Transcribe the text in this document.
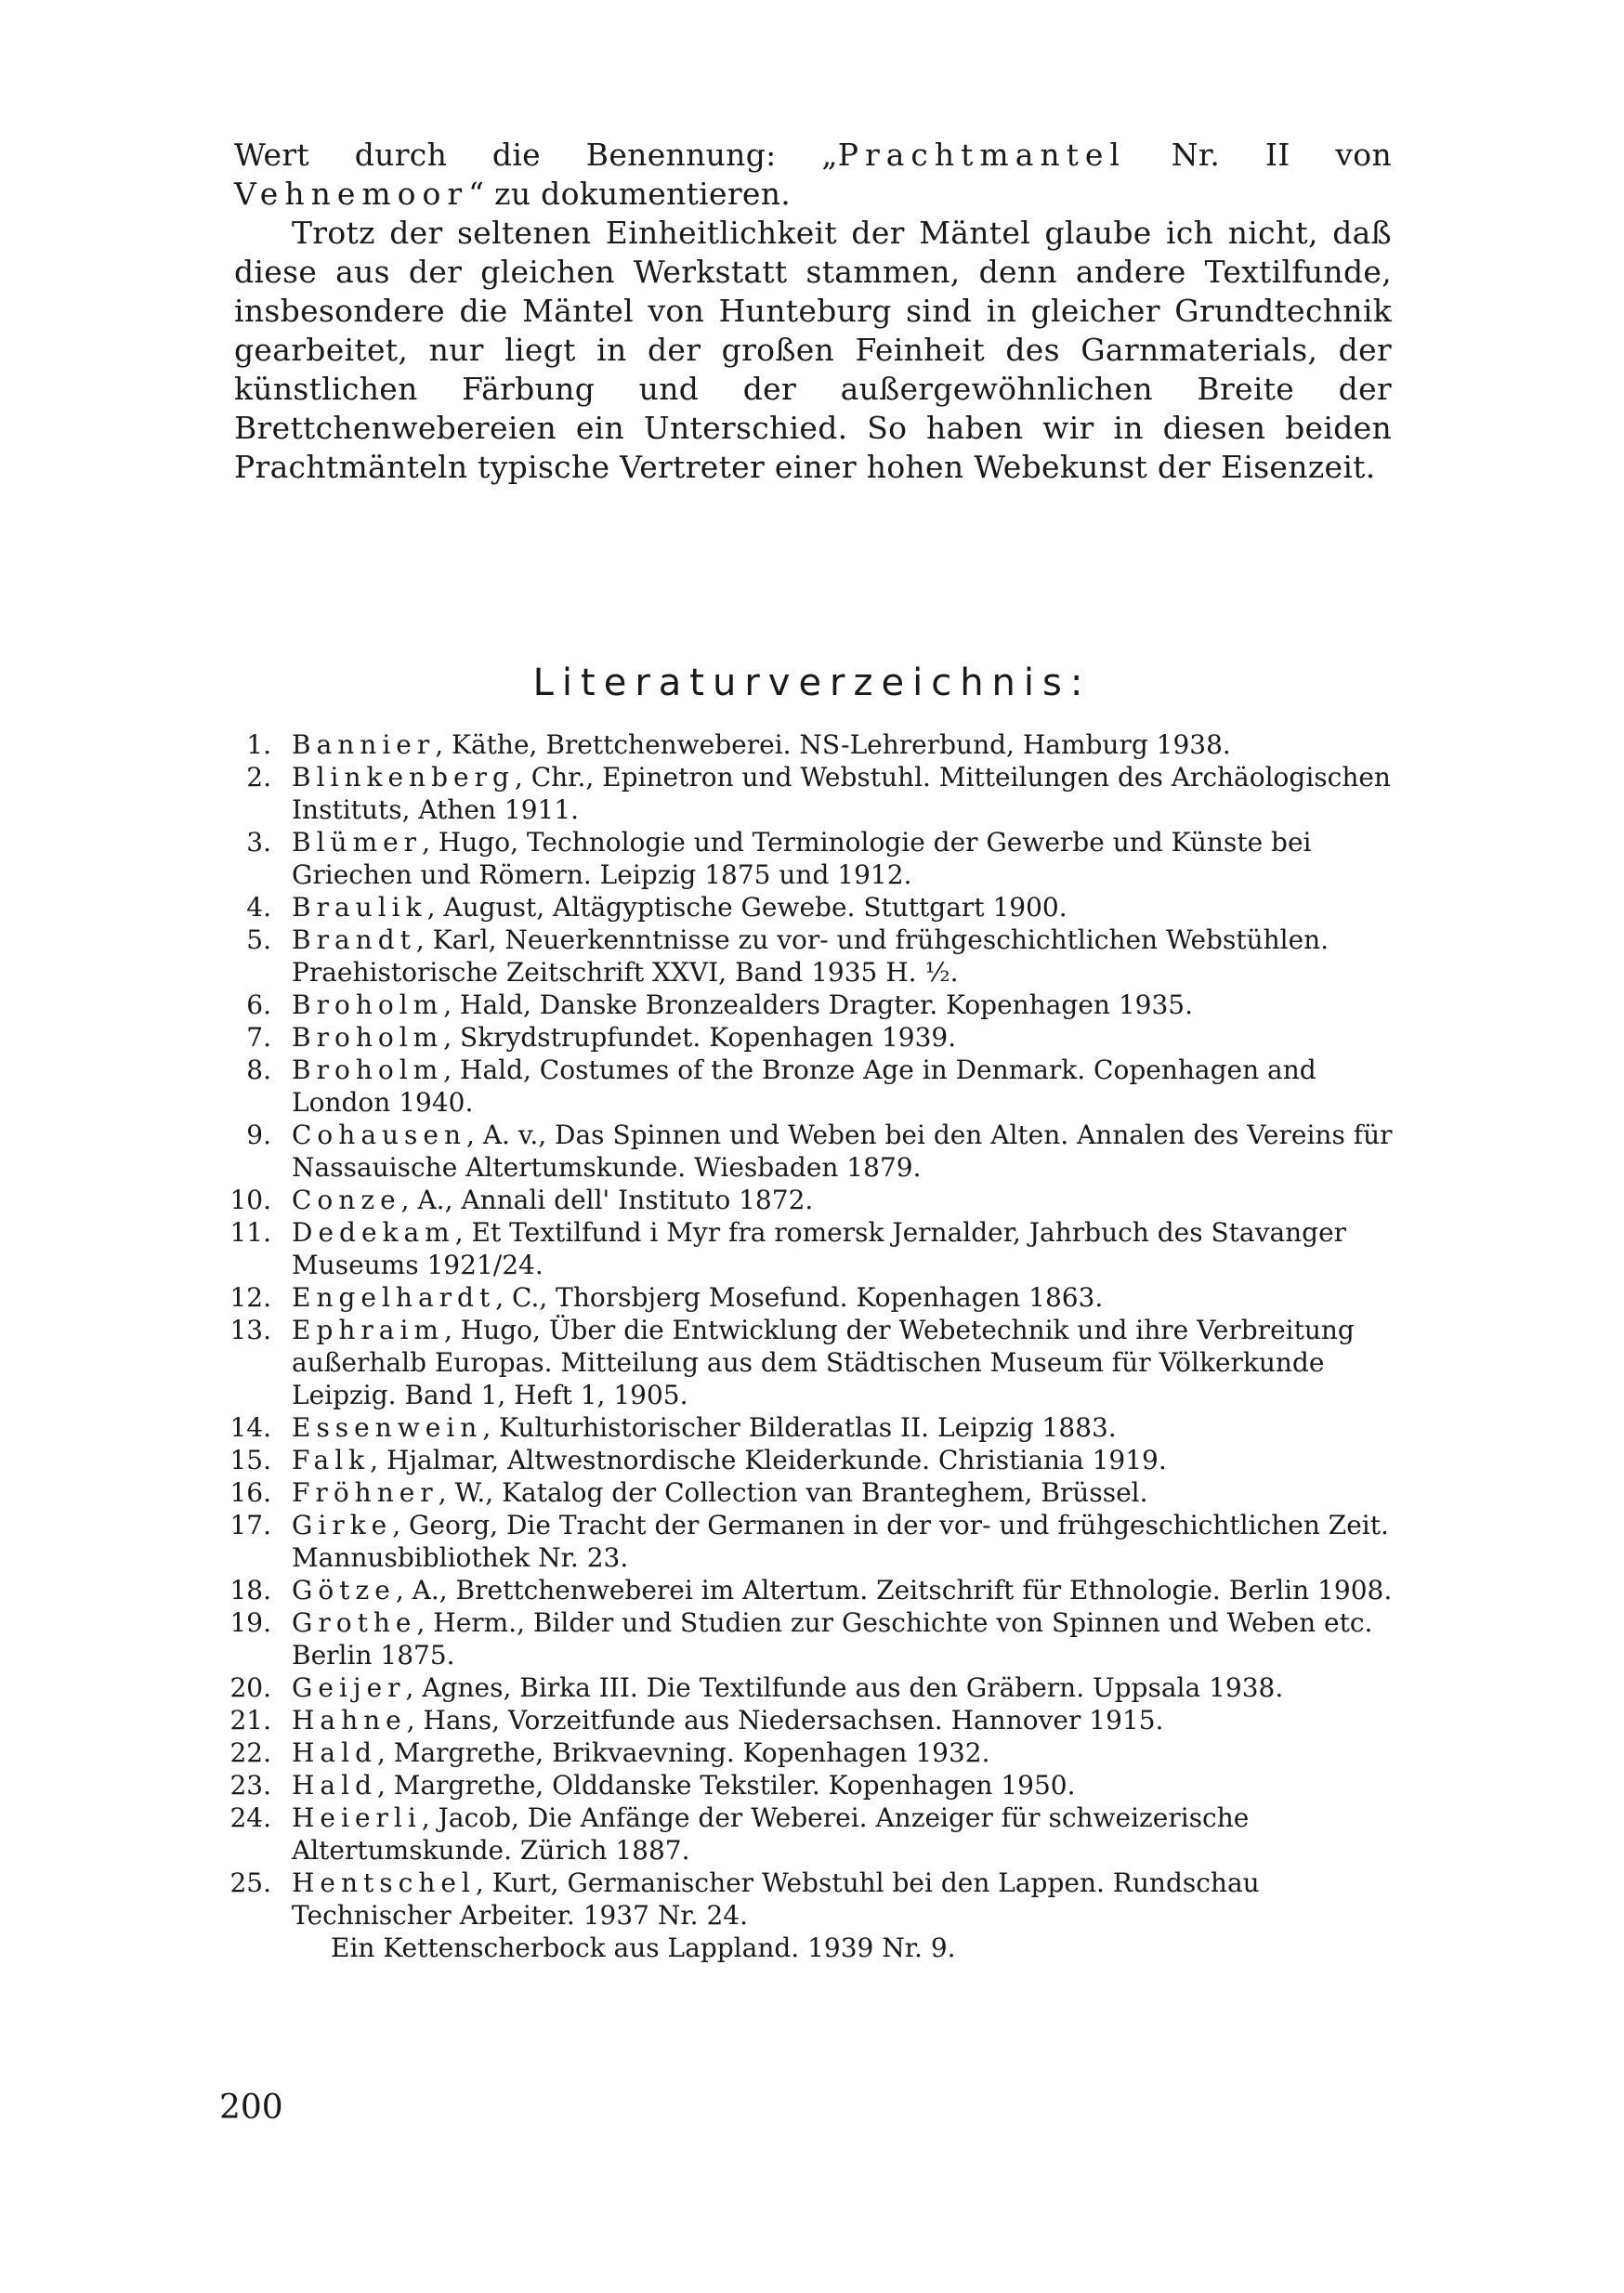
Wert durch die Benennung: „Prachtmantel Nr. II von Vehnemoor“ zu dokumentieren.

Trotz der seltenen Einheitlichkeit der Mäntel glaube ich nicht, daß diese aus der gleichen Werkstatt stammen, denn andere Textilfunde, insbesondere die Mäntel von Hunteburg sind in gleicher Grundtechnik gearbeitet, nur liegt in der großen Feinheit des Garnmaterials, der künstlichen Färbung und der außergewöhnlichen Breite der Brettchenwebereien ein Unterschied. So haben wir in diesen beiden Prachtmänteln typische Vertreter einer hohen Webekunst der Eisenzeit.

Literaturverzeichnis:
1. Bannier, Käthe, Brettchenweberei. NS-Lehrerbund, Hamburg 1938.
2. Blinkenberg, Chr., Epinetron und Webstuhl. Mitteilungen des Archäologischen Instituts, Athen 1911.
3. Blümer, Hugo, Technologie und Terminologie der Gewerbe und Künste bei Griechen und Römern. Leipzig 1875 und 1912.
4. Braulik, August, Altägyptische Gewebe. Stuttgart 1900.
5. Brandt, Karl, Neuerkenntnisse zu vor- und frühgeschichtlichen Webstühlen. Praehistorische Zeitschrift XXVI, Band 1935 H. ½.
6. Broholm, Hald, Danske Bronzealders Dragter. Kopenhagen 1935.
7. Broholm, Skrydstrupfundet. Kopenhagen 1939.
8. Broholm, Hald, Costumes of the Bronze Age in Denmark. Copenhagen and London 1940.
9. Cohausen, A. v., Das Spinnen und Weben bei den Alten. Annalen des Vereins für Nassauische Altertumskunde. Wiesbaden 1879.
10. Conze, A., Annali dell' Instituto 1872.
11. Dedekam, Et Textilfund i Myr fra romersk Jernalder, Jahrbuch des Stavanger Museums 1921/24.
12. Engelhardt, C., Thorsbjerg Mosefund. Kopenhagen 1863.
13. Ephraim, Hugo, Über die Entwicklung der Webetechnik und ihre Verbreitung außerhalb Europas. Mitteilung aus dem Städtischen Museum für Völkerkunde Leipzig. Band 1, Heft 1, 1905.
14. Essenwein, Kulturhistorischer Bilderatlas II. Leipzig 1883.
15. Falk, Hjalmar, Altwestnordische Kleiderkunde. Christiania 1919.
16. Fröhner, W., Katalog der Collection van Branteghem, Brüssel.
17. Girke, Georg, Die Tracht der Germanen in der vor- und frühgeschichtlichen Zeit. Mannusbibliothek Nr. 23.
18. Götze, A., Brettchenweberei im Altertum. Zeitschrift für Ethnologie. Berlin 1908.
19. Grothe, Herm., Bilder und Studien zur Geschichte von Spinnen und Weben etc. Berlin 1875.
20. Geijer, Agnes, Birka III. Die Textilfunde aus den Gräbern. Uppsala 1938.
21. Hahne, Hans, Vorzeitfunde aus Niedersachsen. Hannover 1915.
22. Hald, Margrethe, Brikvaevning. Kopenhagen 1932.
23. Hald, Margrethe, Olddanske Tekstiler. Kopenhagen 1950.
24. Heierli, Jacob, Die Anfänge der Weberei. Anzeiger für schweizerische Altertumskunde. Zürich 1887.
25. Hentschel, Kurt, Germanischer Webstuhl bei den Lappen. Rundschau Technischer Arbeiter. 1937 Nr. 24.
Ein Kettenscherbock aus Lappland. 1939 Nr. 9.

200
